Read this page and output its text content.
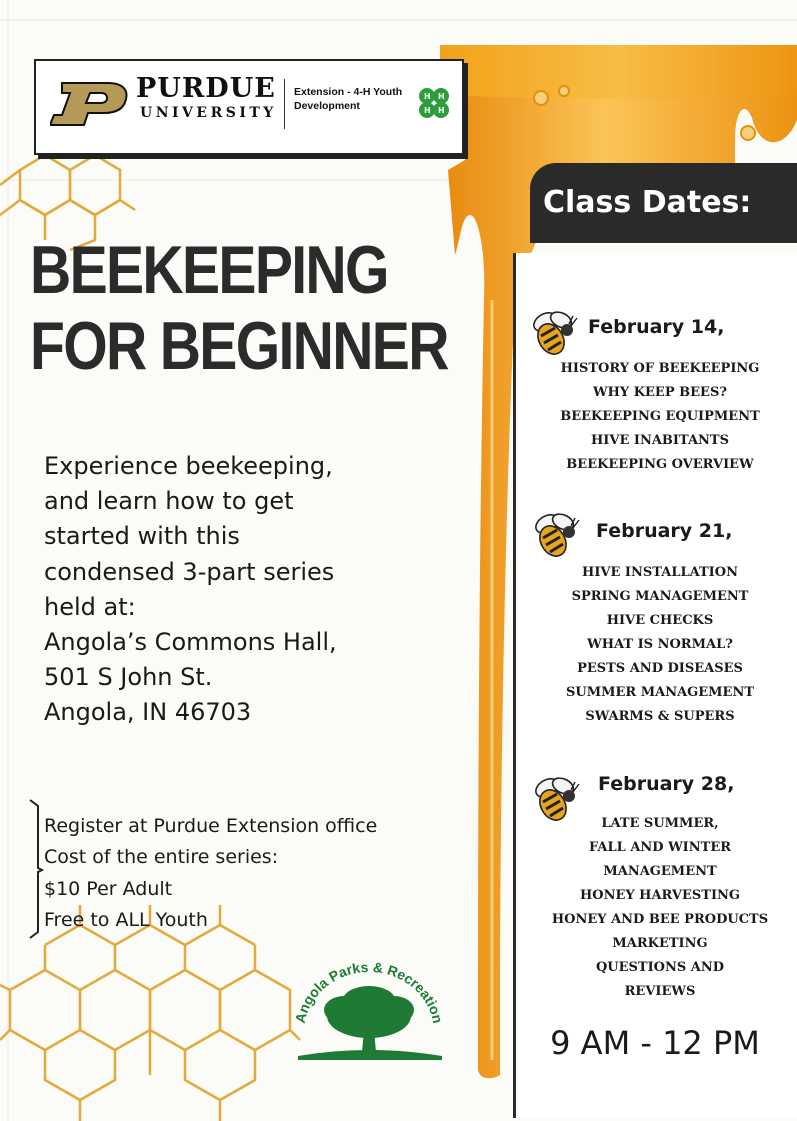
PURDUE
UNIVERSITY
Extension - 4-H Youth
Development
H H
H H
BEEKEEPING
FOR BEGINNER
Experience beekeeping,
and learn how to get
started with this
condensed 3-part series
held at:
Angola’s Commons Hall,
501 S John St.
Angola, IN 46703
Register at Purdue Extension office
Cost of the entire series:
$10 Per Adult
Free to ALL Youth
Angola Parks & Recreation
Class Dates:
February 14,
HISTORY OF BEEKEEPING
WHY KEEP BEES?
BEEKEEPING EQUIPMENT
HIVE INABITANTS
BEEKEEPING OVERVIEW
February 21,
HIVE INSTALLATION
SPRING MANAGEMENT
HIVE CHECKS
WHAT IS NORMAL?
PESTS AND DISEASES
SUMMER MANAGEMENT
SWARMS & SUPERS
February 28,
LATE SUMMER,
FALL AND WINTER
MANAGEMENT
HONEY HARVESTING
HONEY AND BEE PRODUCTS
MARKETING
QUESTIONS AND
REVIEWS
9 AM - 12 PM
